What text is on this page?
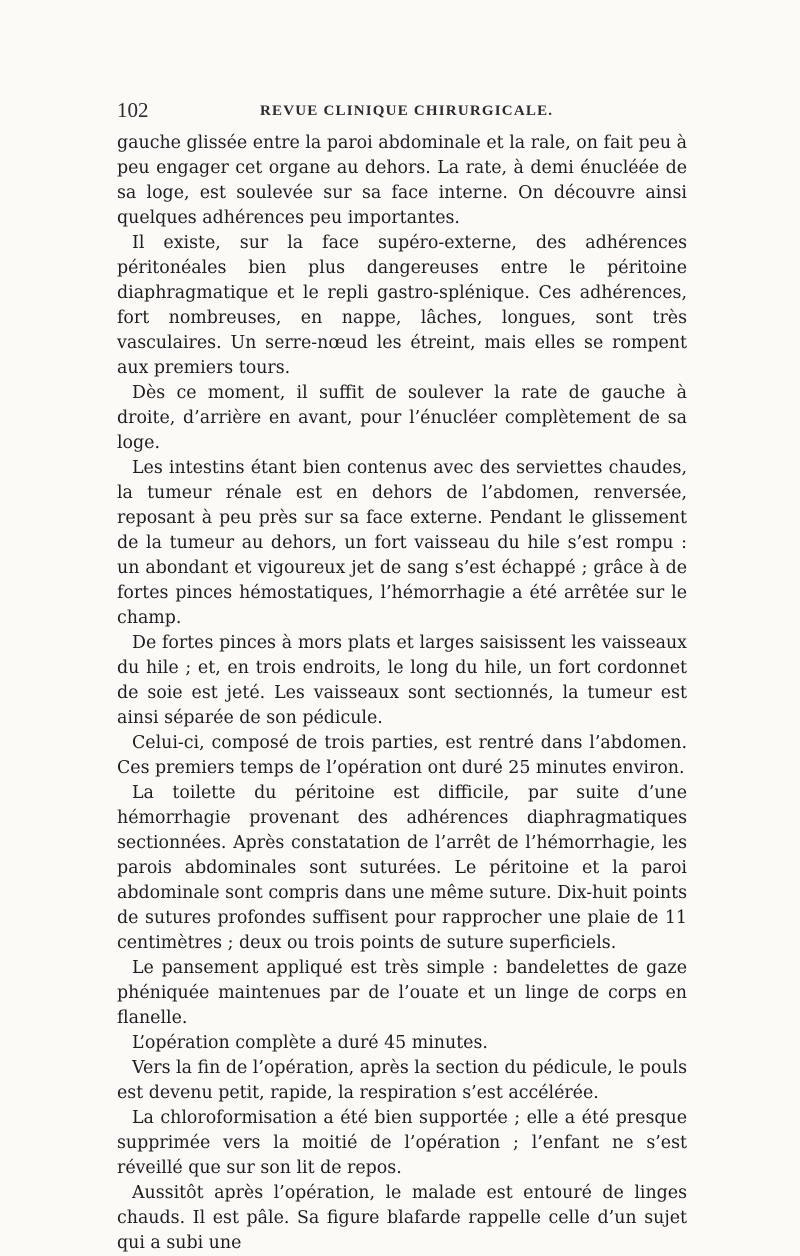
102	REVUE CLINIQUE CHIRURGICALE.

gauche glissée entre la paroi abdominale et la rale, on fait peu à peu engager cet organe au dehors. La rate, à demi énucléée de sa loge, est soulevée sur sa face interne. On découvre ainsi quelques adhérences peu importantes.

Il existe, sur la face supéro-externe, des adhérences péritonéales bien plus dangereuses entre le péritoine diaphragmatique et le repli gastro-splénique. Ces adhérences, fort nombreuses, en nappe, lâches, longues, sont très vasculaires. Un serre-nœud les étreint, mais elles se rompent aux premiers tours.

Dès ce moment, il suffit de soulever la rate de gauche à droite, d’arrière en avant, pour l’énucléer complètement de sa loge.

Les intestins étant bien contenus avec des serviettes chaudes, la tumeur rénale est en dehors de l’abdomen, renversée, reposant à peu près sur sa face externe. Pendant le glissement de la tumeur au dehors, un fort vaisseau du hile s’est rompu : un abondant et vigoureux jet de sang s’est échappé ; grâce à de fortes pinces hémostatiques, l’hémorrhagie a été arrêtée sur le champ.

De fortes pinces à mors plats et larges saisissent les vaisseaux du hile ; et, en trois endroits, le long du hile, un fort cordonnet de soie est jeté. Les vaisseaux sont sectionnés, la tumeur est ainsi séparée de son pédicule.

Celui-ci, composé de trois parties, est rentré dans l’abdomen. Ces premiers temps de l’opération ont duré 25 minutes environ.

La toilette du péritoine est difficile, par suite d’une hémorrhagie provenant des adhérences diaphragmatiques sectionnées. Après constatation de l’arrêt de l’hémorrhagie, les parois abdominales sont suturées. Le péritoine et la paroi abdominale sont compris dans une même suture. Dix-huit points de sutures profondes suffisent pour rapprocher une plaie de 11 centimètres ; deux ou trois points de suture superficiels.

Le pansement appliqué est très simple : bandelettes de gaze phéniquée maintenues par de l’ouate et un linge de corps en flanelle.

L’opération complète a duré 45 minutes.

Vers la fin de l’opération, après la section du pédicule, le pouls est devenu petit, rapide, la respiration s’est accélérée.

La chloroformisation a été bien supportée ; elle a été presque supprimée vers la moitié de l’opération ; l’enfant ne s’est réveillé que sur son lit de repos.

Aussitôt après l’opération, le malade est entouré de linges chauds. Il est pâle. Sa figure blafarde rappelle celle d’un sujet qui a subi une
